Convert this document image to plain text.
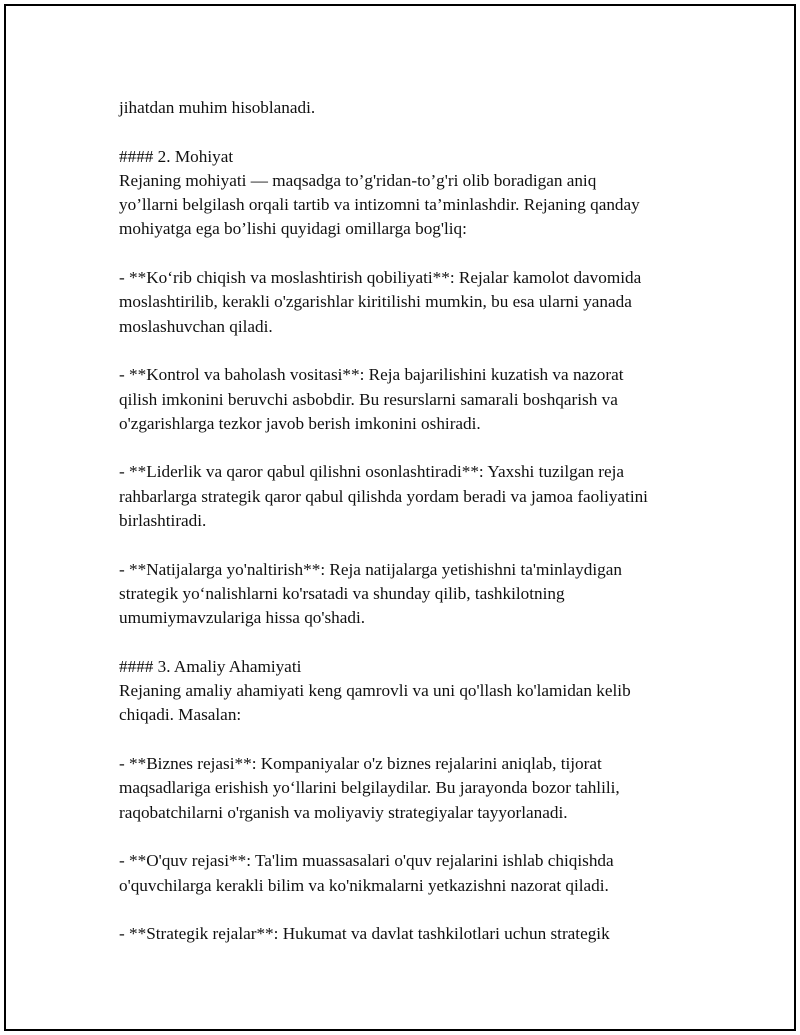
jihatdan muhim hisoblanadi.

#### 2. Mohiyat

Rejaning mohiyati — maqsadga to’g'ridan-to’g'ri olib boradigan aniq
yo’llarni belgilash orqali tartib va intizomni ta’minlashdir. Rejaning qanday
mohiyatga ega bo’lishi quyidagi omillarga bog'liq:

- **Ko‘rib chiqish va moslashtirish qobiliyati**: Rejalar kamolot davomida
moslashtirilib, kerakli o'zgarishlar kiritilishi mumkin, bu esa ularni yanada
moslashuvchan qiladi.

- **Kontrol va baholash vositasi**: Reja bajarilishini kuzatish va nazorat
qilish imkonini beruvchi asbobdir. Bu resurslarni samarali boshqarish va
o'zgarishlarga tezkor javob berish imkonini oshiradi.

- **Liderlik va qaror qabul qilishni osonlashtiradi**: Yaxshi tuzilgan reja
rahbarlarga strategik qaror qabul qilishda yordam beradi va jamoa faoliyatini
birlashtiradi.

- **Natijalarga yo'naltirish**: Reja natijalarga yetishishni ta'minlaydigan
strategik yo‘nalishlarni ko'rsatadi va shunday qilib, tashkilotning
umumiymavzulariga hissa qo'shadi.

#### 3. Amaliy Ahamiyati

Rejaning amaliy ahamiyati keng qamrovli va uni qo'llash ko'lamidan kelib
chiqadi. Masalan:

- **Biznes rejasi**: Kompaniyalar o'z biznes rejalarini aniqlab, tijorat
maqsadlariga erishish yo‘llarini belgilaydilar. Bu jarayonda bozor tahlili,
raqobatchilarni o'rganish va moliyaviy strategiyalar tayyorlanadi.

- **O'quv rejasi**: Ta'lim muassasalari o'quv rejalarini ishlab chiqishda
o'quvchilarga kerakli bilim va ko'nikmalarni yetkazishni nazorat qiladi.

- **Strategik rejalar**: Hukumat va davlat tashkilotlari uchun strategik
